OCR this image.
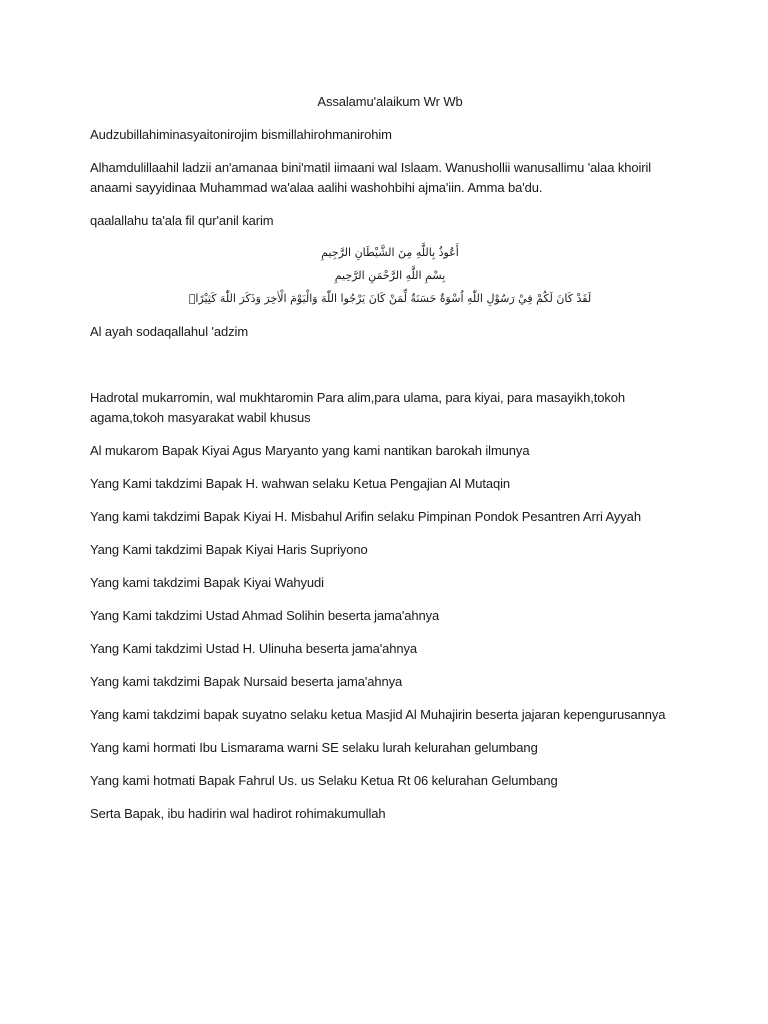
Assalamu'alaikum Wr Wb

Audzubillahiminasyaitonirojim bismillahirohmanirohim

Alhamdulillaahil ladzii an'amanaa bini'matil iimaani wal Islaam. Wanushollii wanusallimu 'alaa khoiril anaami sayyidinaa Muhammad wa'alaa aalihi washohbihi ajma'iin. Amma ba'du.

qaalallahu ta'ala fil qur'anil karim

أَعُوذُ بِاللَّهِ مِنَ الشَّيْطَانِ الرَّجِيمِ

بِسْمِ اللَّهِ الرَّحْمَنِ الرَّحِيمِ

لَقَدْ كَانَ لَكُمْ فِيْ رَسُوْلِ اللّٰهِ اُسْوَةٌ حَسَنَةٌ لِّمَنْ كَانَ يَرْجُوا اللّٰهَ وَالْيَوْمَ الْاٰخِرَ وَذَكَرَ اللّٰهَ كَثِيْرًاۗ

Al ayah sodaqallahul 'adzim

Hadrotal mukarromin, wal mukhtaromin Para alim,para ulama, para kiyai, para masayikh,tokoh agama,tokoh masyarakat wabil khusus

Al mukarom Bapak Kiyai Agus Maryanto yang kami nantikan barokah ilmunya

Yang Kami takdzimi Bapak H. wahwan selaku Ketua Pengajian Al Mutaqin

Yang kami takdzimi Bapak Kiyai H. Misbahul Arifin selaku Pimpinan Pondok Pesantren Arri Ayyah

Yang Kami takdzimi Bapak Kiyai Haris Supriyono

Yang kami takdzimi Bapak Kiyai Wahyudi

Yang Kami takdzimi Ustad Ahmad Solihin beserta jama'ahnya

Yang Kami takdzimi Ustad H. Ulinuha beserta jama'ahnya

Yang kami takdzimi Bapak Nursaid beserta jama'ahnya

Yang kami takdzimi bapak suyatno selaku ketua Masjid Al Muhajirin beserta jajaran kepengurusannya

Yang kami hormati Ibu Lismarama warni SE selaku lurah kelurahan gelumbang

Yang kami hotmati Bapak Fahrul Us. us Selaku Ketua Rt 06 kelurahan Gelumbang

Serta Bapak, ibu hadirin wal hadirot rohimakumullah
